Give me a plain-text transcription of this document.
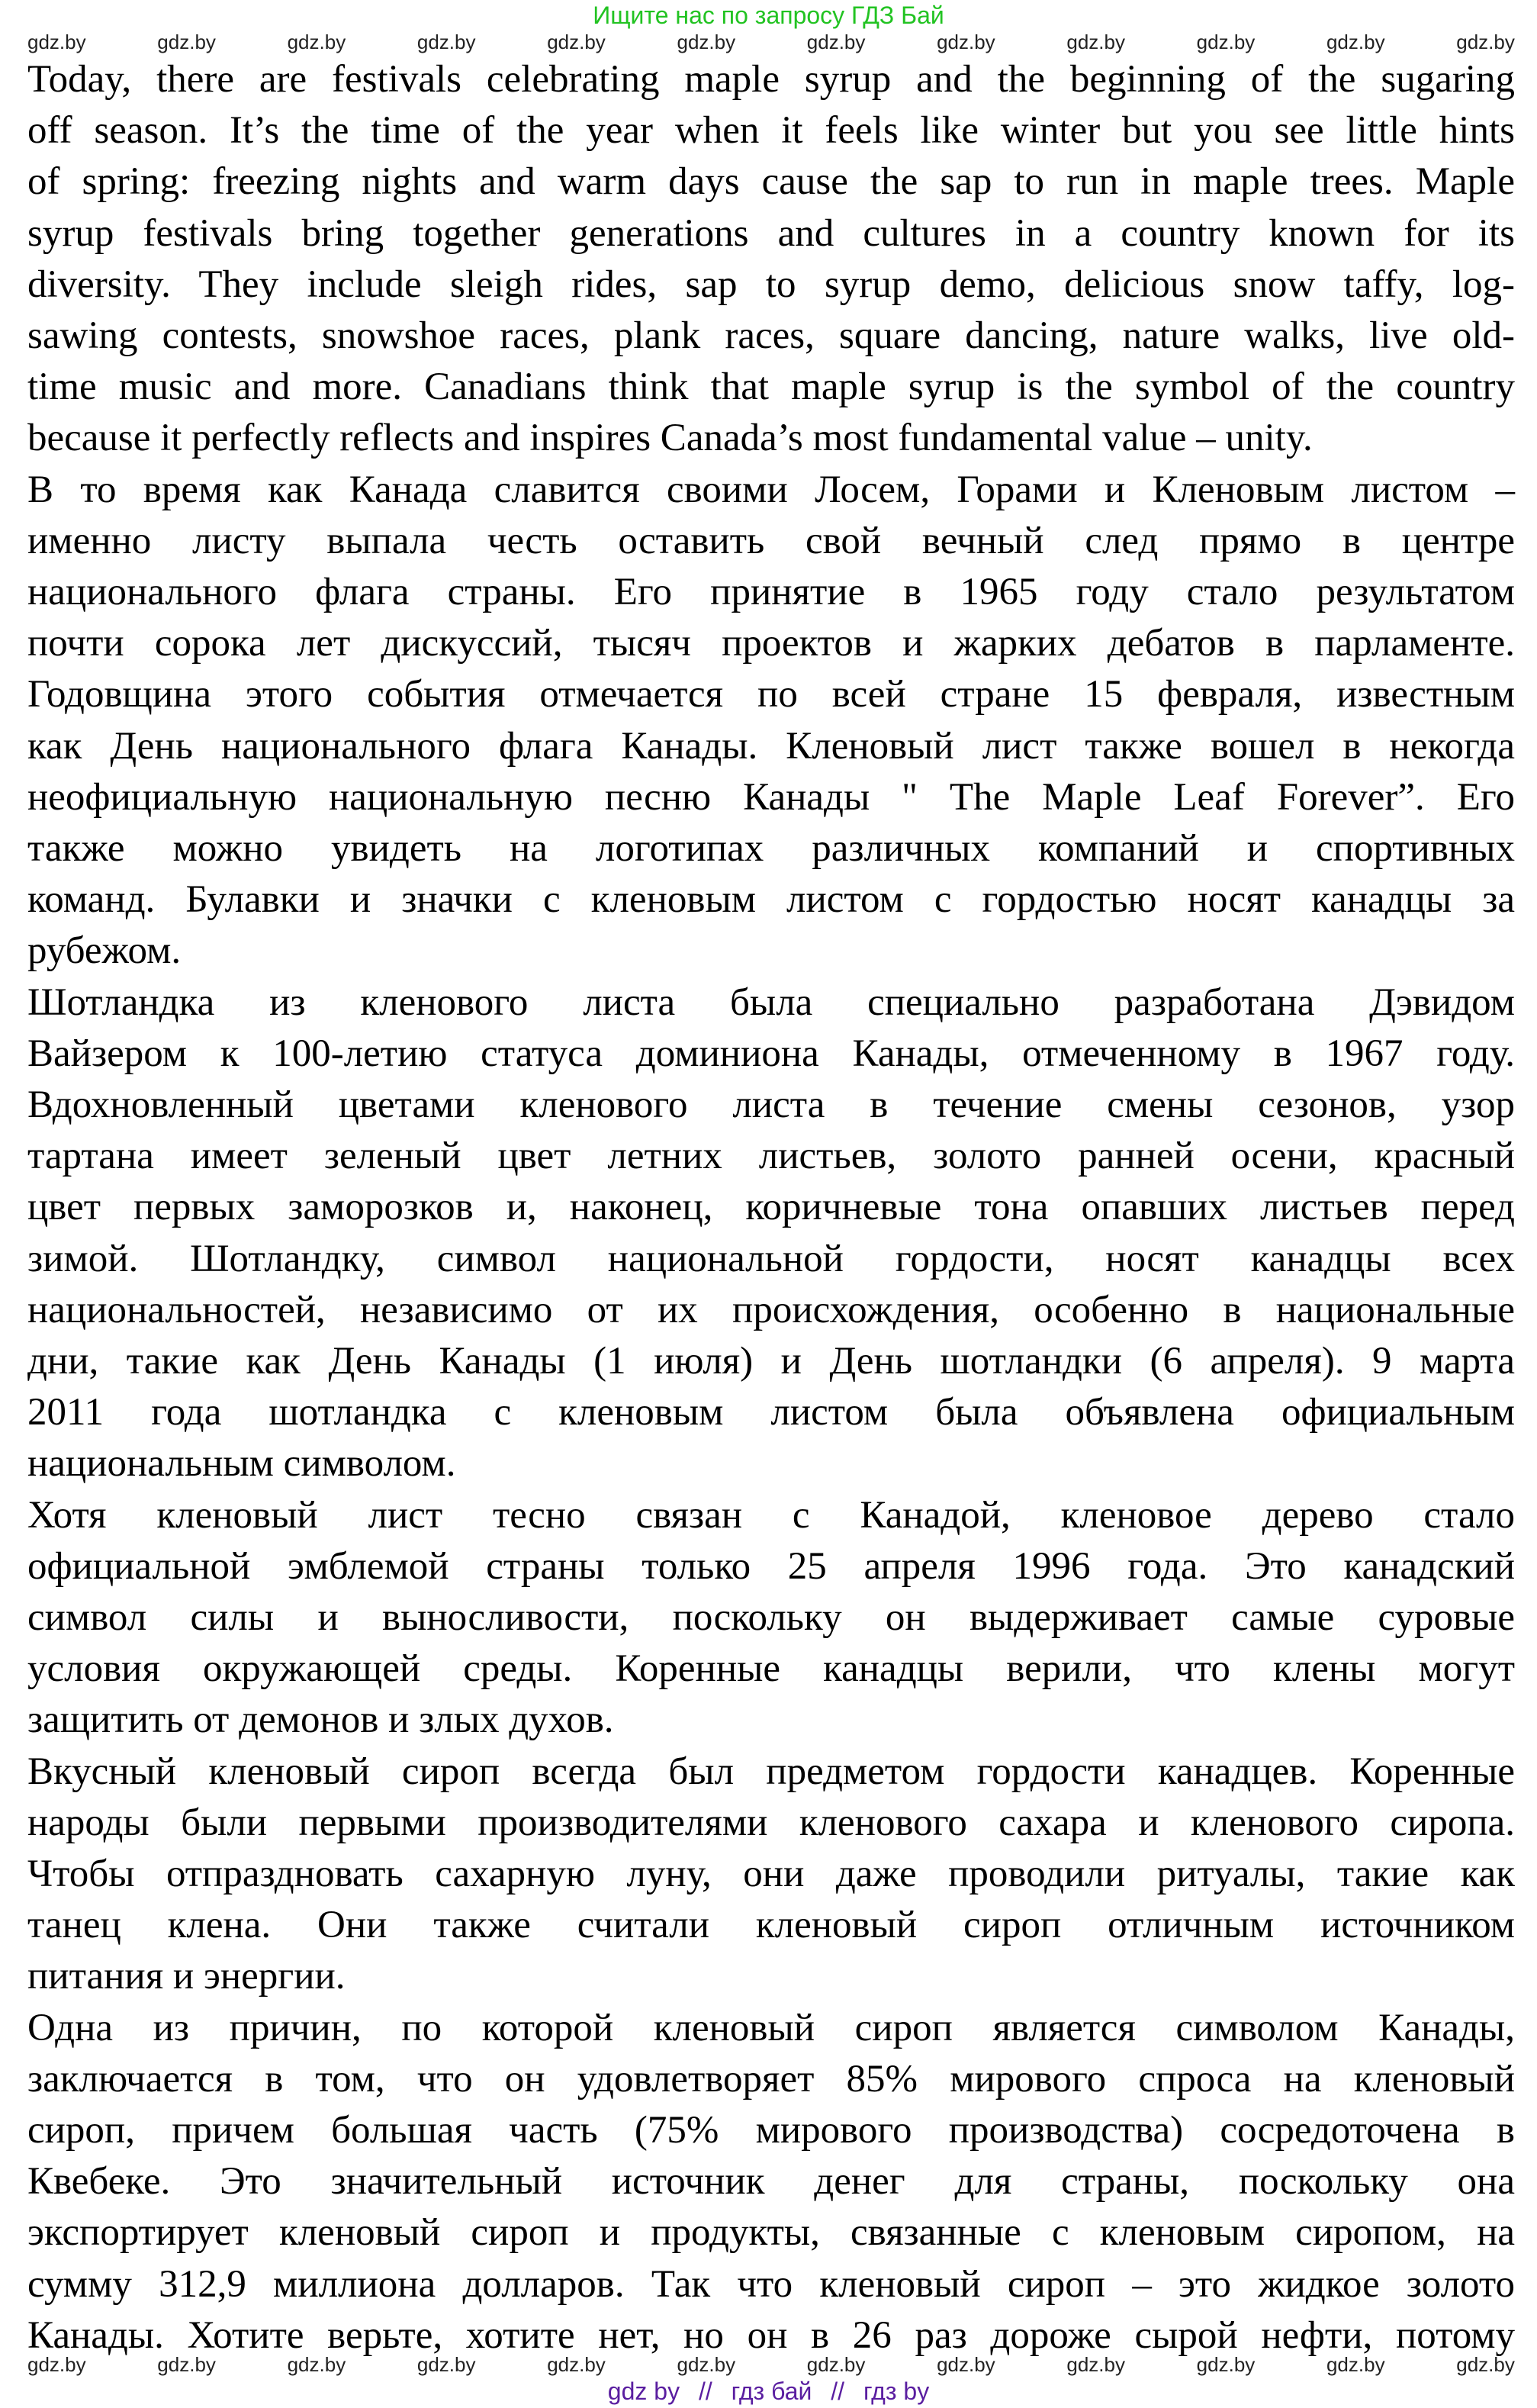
Ищите нас по запросу ГДЗ Бай
gdz.by	gdz.by	gdz.by	gdz.by	gdz.by	gdz.by	gdz.by	gdz.by	gdz.by	gdz.by	gdz.by	gdz.by
Today, there are festivals celebrating maple syrup and the beginning of the sugaring
off season. It’s the time of the year when it feels like winter but you see little hints
of spring: freezing nights and warm days cause the sap to run in maple trees. Maple
syrup festivals bring together generations and cultures in a country known for its
diversity. They include sleigh rides, sap to syrup demo, delicious snow taffy, log-
sawing contests, snowshoe races, plank races, square dancing, nature walks, live old-
time music and more. Canadians think that maple syrup is the symbol of the country
because it perfectly reflects and inspires Canada’s most fundamental value – unity.
В то время как Канада славится своими Лосем, Горами и Кленовым листом –
именно листу выпала честь оставить свой вечный след прямо в центре
национального флага страны. Его принятие в 1965 году стало результатом
почти сорока лет дискуссий, тысяч проектов и жарких дебатов в парламенте.
Годовщина этого события отмечается по всей стране 15 февраля, известным
как День национального флага Канады. Кленовый лист также вошел в некогда
неофициальную национальную песню Канады " The Maple Leaf Forever”. Его
также можно увидеть на логотипах различных компаний и спортивных
команд. Булавки и значки с кленовым листом с гордостью носят канадцы за
рубежом.
Шотландка из кленового листа была специально разработана Дэвидом
Вайзером к 100-летию статуса доминиона Канады, отмеченному в 1967 году.
Вдохновленный цветами кленового листа в течение смены сезонов, узор
тартана имеет зеленый цвет летних листьев, золото ранней осени, красный
цвет первых заморозков и, наконец, коричневые тона опавших листьев перед
зимой. Шотландку, символ национальной гордости, носят канадцы всех
национальностей, независимо от их происхождения, особенно в национальные
дни, такие как День Канады (1 июля) и День шотландки (6 апреля). 9 марта
2011 года шотландка с кленовым листом была объявлена официальным
национальным символом.
Хотя кленовый лист тесно связан с Канадой, кленовое дерево стало
официальной эмблемой страны только 25 апреля 1996 года. Это канадский
символ силы и выносливости, поскольку он выдерживает самые суровые
условия окружающей среды. Коренные канадцы верили, что клены могут
защитить от демонов и злых духов.
Вкусный кленовый сироп всегда был предметом гордости канадцев. Коренные
народы были первыми производителями кленового сахара и кленового сиропа.
Чтобы отпраздновать сахарную луну, они даже проводили ритуалы, такие как
танец клена. Они также считали кленовый сироп отличным источником
питания и энергии.
Одна из причин, по которой кленовый сироп является символом Канады,
заключается в том, что он удовлетворяет 85% мирового спроса на кленовый
сироп, причем большая часть (75% мирового производства) сосредоточена в
Квебеке. Это значительный источник денег для страны, поскольку она
экспортирует кленовый сироп и продукты, связанные с кленовым сиропом, на
сумму 312,9 миллиона долларов. Так что кленовый сироп – это жидкое золото
Канады. Хотите верьте, хотите нет, но он в 26 раз дороже сырой нефти, потому
gdz.by	gdz.by	gdz.by	gdz.by	gdz.by	gdz.by	gdz.by	gdz.by	gdz.by	gdz.by	gdz.by	gdz.by
gdz by // гдз бай // гдз by
